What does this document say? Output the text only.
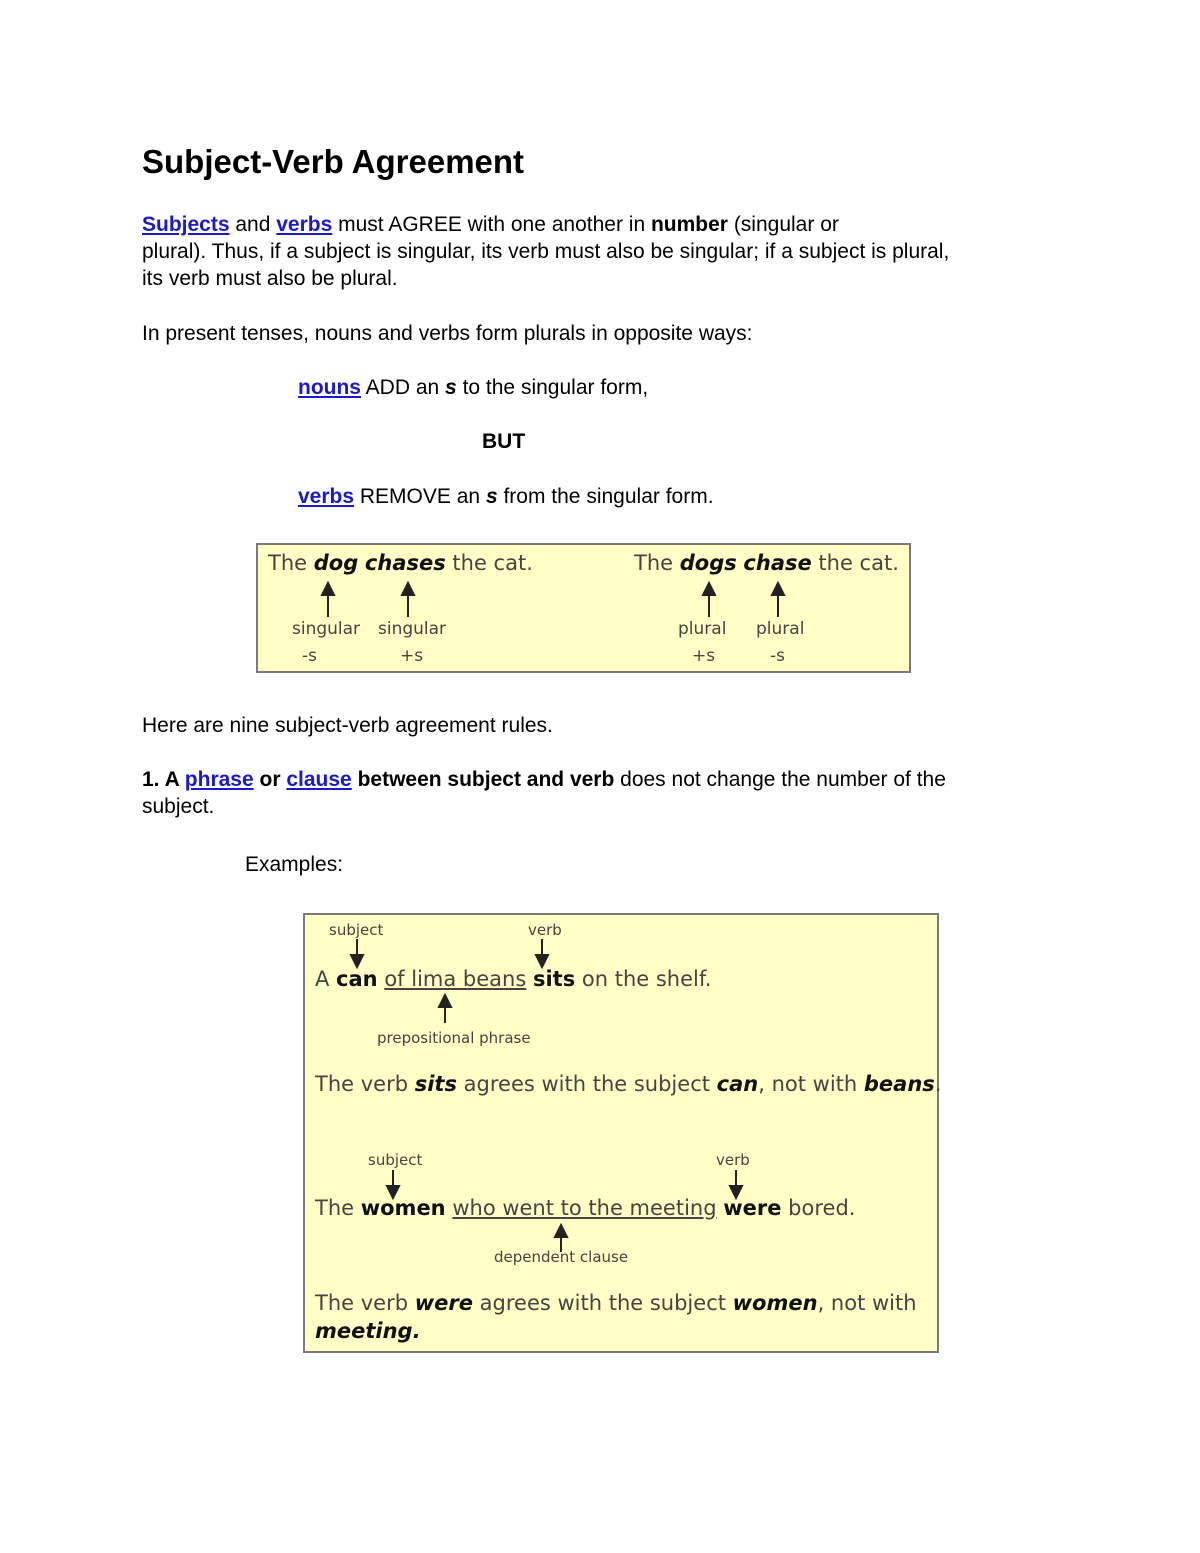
Subject-Verb Agreement
Subjects and verbs must AGREE with one another in number (singular or
plural). Thus, if a subject is singular, its verb must also be singular; if a subject is plural,
its verb must also be plural.
In present tenses, nouns and verbs form plurals in opposite ways:
nouns ADD an s to the singular form,
BUT
verbs REMOVE an s from the singular form.
The dog chases the cat.	The dogs chase the cat.
singular
-s
singular
+s
plural
+s
plural
-s
Here are nine subject-verb agreement rules.
1. A phrase or clause between subject and verb does not change the number of the
subject.
Examples:
subject	verb
A can of lima beans sits on the shelf.
prepositional phrase
The verb sits agrees with the subject can, not with beans.
subject	verb
The women who went to the meeting were bored.
dependent clause
The verb were agrees with the subject women, not with
meeting.
